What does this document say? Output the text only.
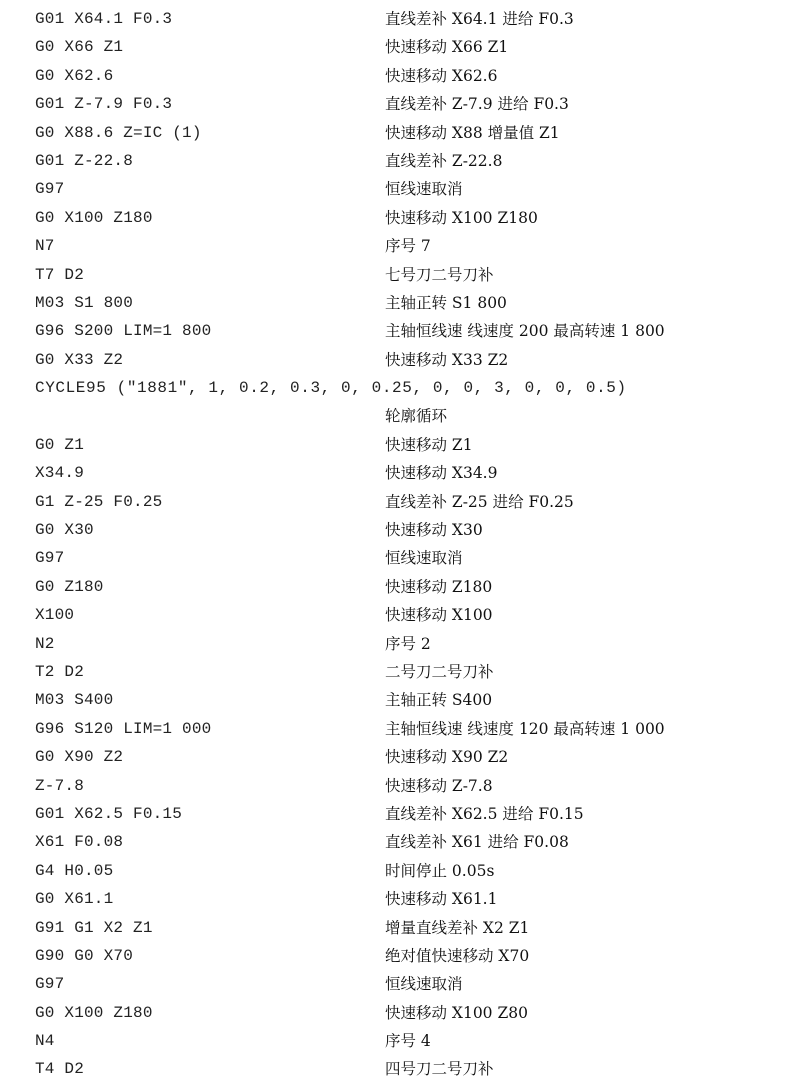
G01 X64.1 F0.3	直线差补 X64.1 进给 F0.3
G0 X66 Z1	快速移动 X66 Z1
G0 X62.6	快速移动 X62.6
G01 Z-7.9 F0.3	直线差补 Z-7.9 进给 F0.3
G0 X88.6 Z=IC (1)	快速移动 X88 增量值 Z1
G01 Z-22.8	直线差补 Z-22.8
G97	恒线速取消
G0 X100 Z180	快速移动 X100 Z180
N7	序号 7
T7 D2	七号刀二号刀补
M03 S1 800	主轴正转 S1 800
G96 S200 LIM=1 800	主轴恒线速 线速度 200 最高转速 1 800
G0 X33 Z2	快速移动 X33 Z2
CYCLE95 ("1881", 1, 0.2, 0.3, 0, 0.25, 0, 0, 3, 0, 0, 0.5)
轮廓循环
G0 Z1	快速移动 Z1
X34.9	快速移动 X34.9
G1 Z-25 F0.25	直线差补 Z-25 进给 F0.25
G0 X30	快速移动 X30
G97	恒线速取消
G0 Z180	快速移动 Z180
X100	快速移动 X100
N2	序号 2
T2 D2	二号刀二号刀补
M03 S400	主轴正转 S400
G96 S120 LIM=1 000	主轴恒线速 线速度 120 最高转速 1 000
G0 X90 Z2	快速移动 X90 Z2
Z-7.8	快速移动 Z-7.8
G01 X62.5 F0.15	直线差补 X62.5 进给 F0.15
X61 F0.08	直线差补 X61 进给 F0.08
G4 H0.05	时间停止 0.05s
G0 X61.1	快速移动 X61.1
G91 G1 X2 Z1	增量直线差补 X2 Z1
G90 G0 X70	绝对值快速移动 X70
G97	恒线速取消
G0 X100 Z180	快速移动 X100 Z80
N4	序号 4
T4 D2	四号刀二号刀补
